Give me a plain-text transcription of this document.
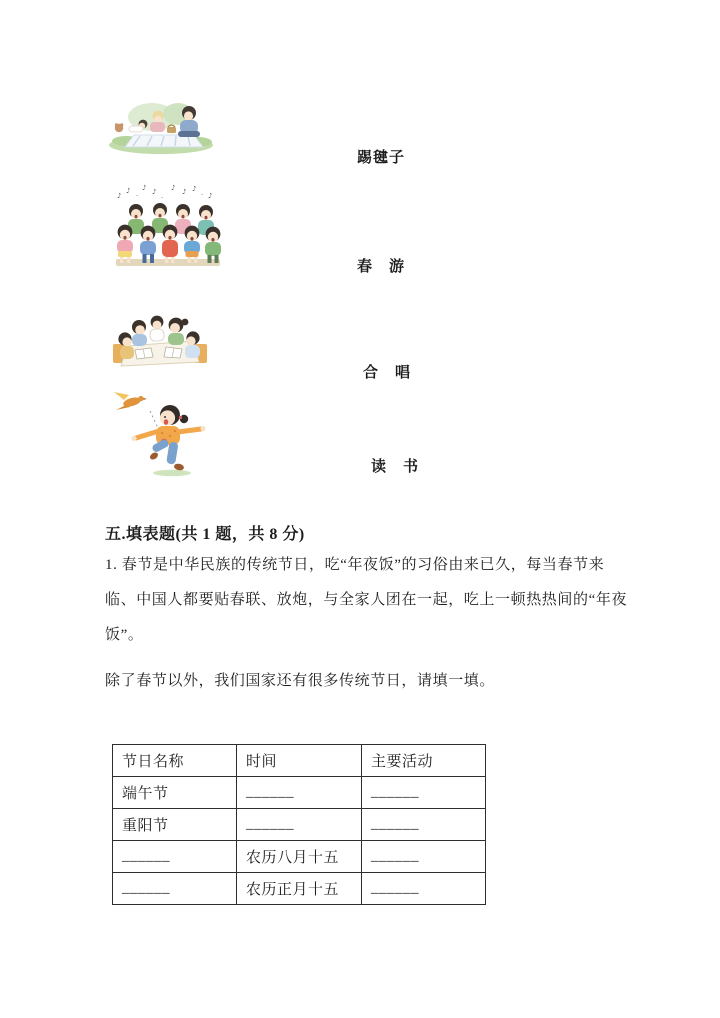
踢毽子
♪
♪ .
♪ ♪ .
♪ ♪ ♪ . ♪
春　游
合　唱
读　书
五.填表题(共 1 题，共 8 分)
1. 春节是中华民族的传统节日，吃“年夜饭”的习俗由来已久，每当春节来
临、中国人都要贴春联、放炮，与全家人团在一起，吃上一顿热热间的“年夜
饭”。
除了春节以外，我们国家还有很多传统节日，请填一填。
节日名称	时间	主要活动
端午节	______	______
重阳节	______	______
______	农历八月十五	______
______	农历正月十五	______
